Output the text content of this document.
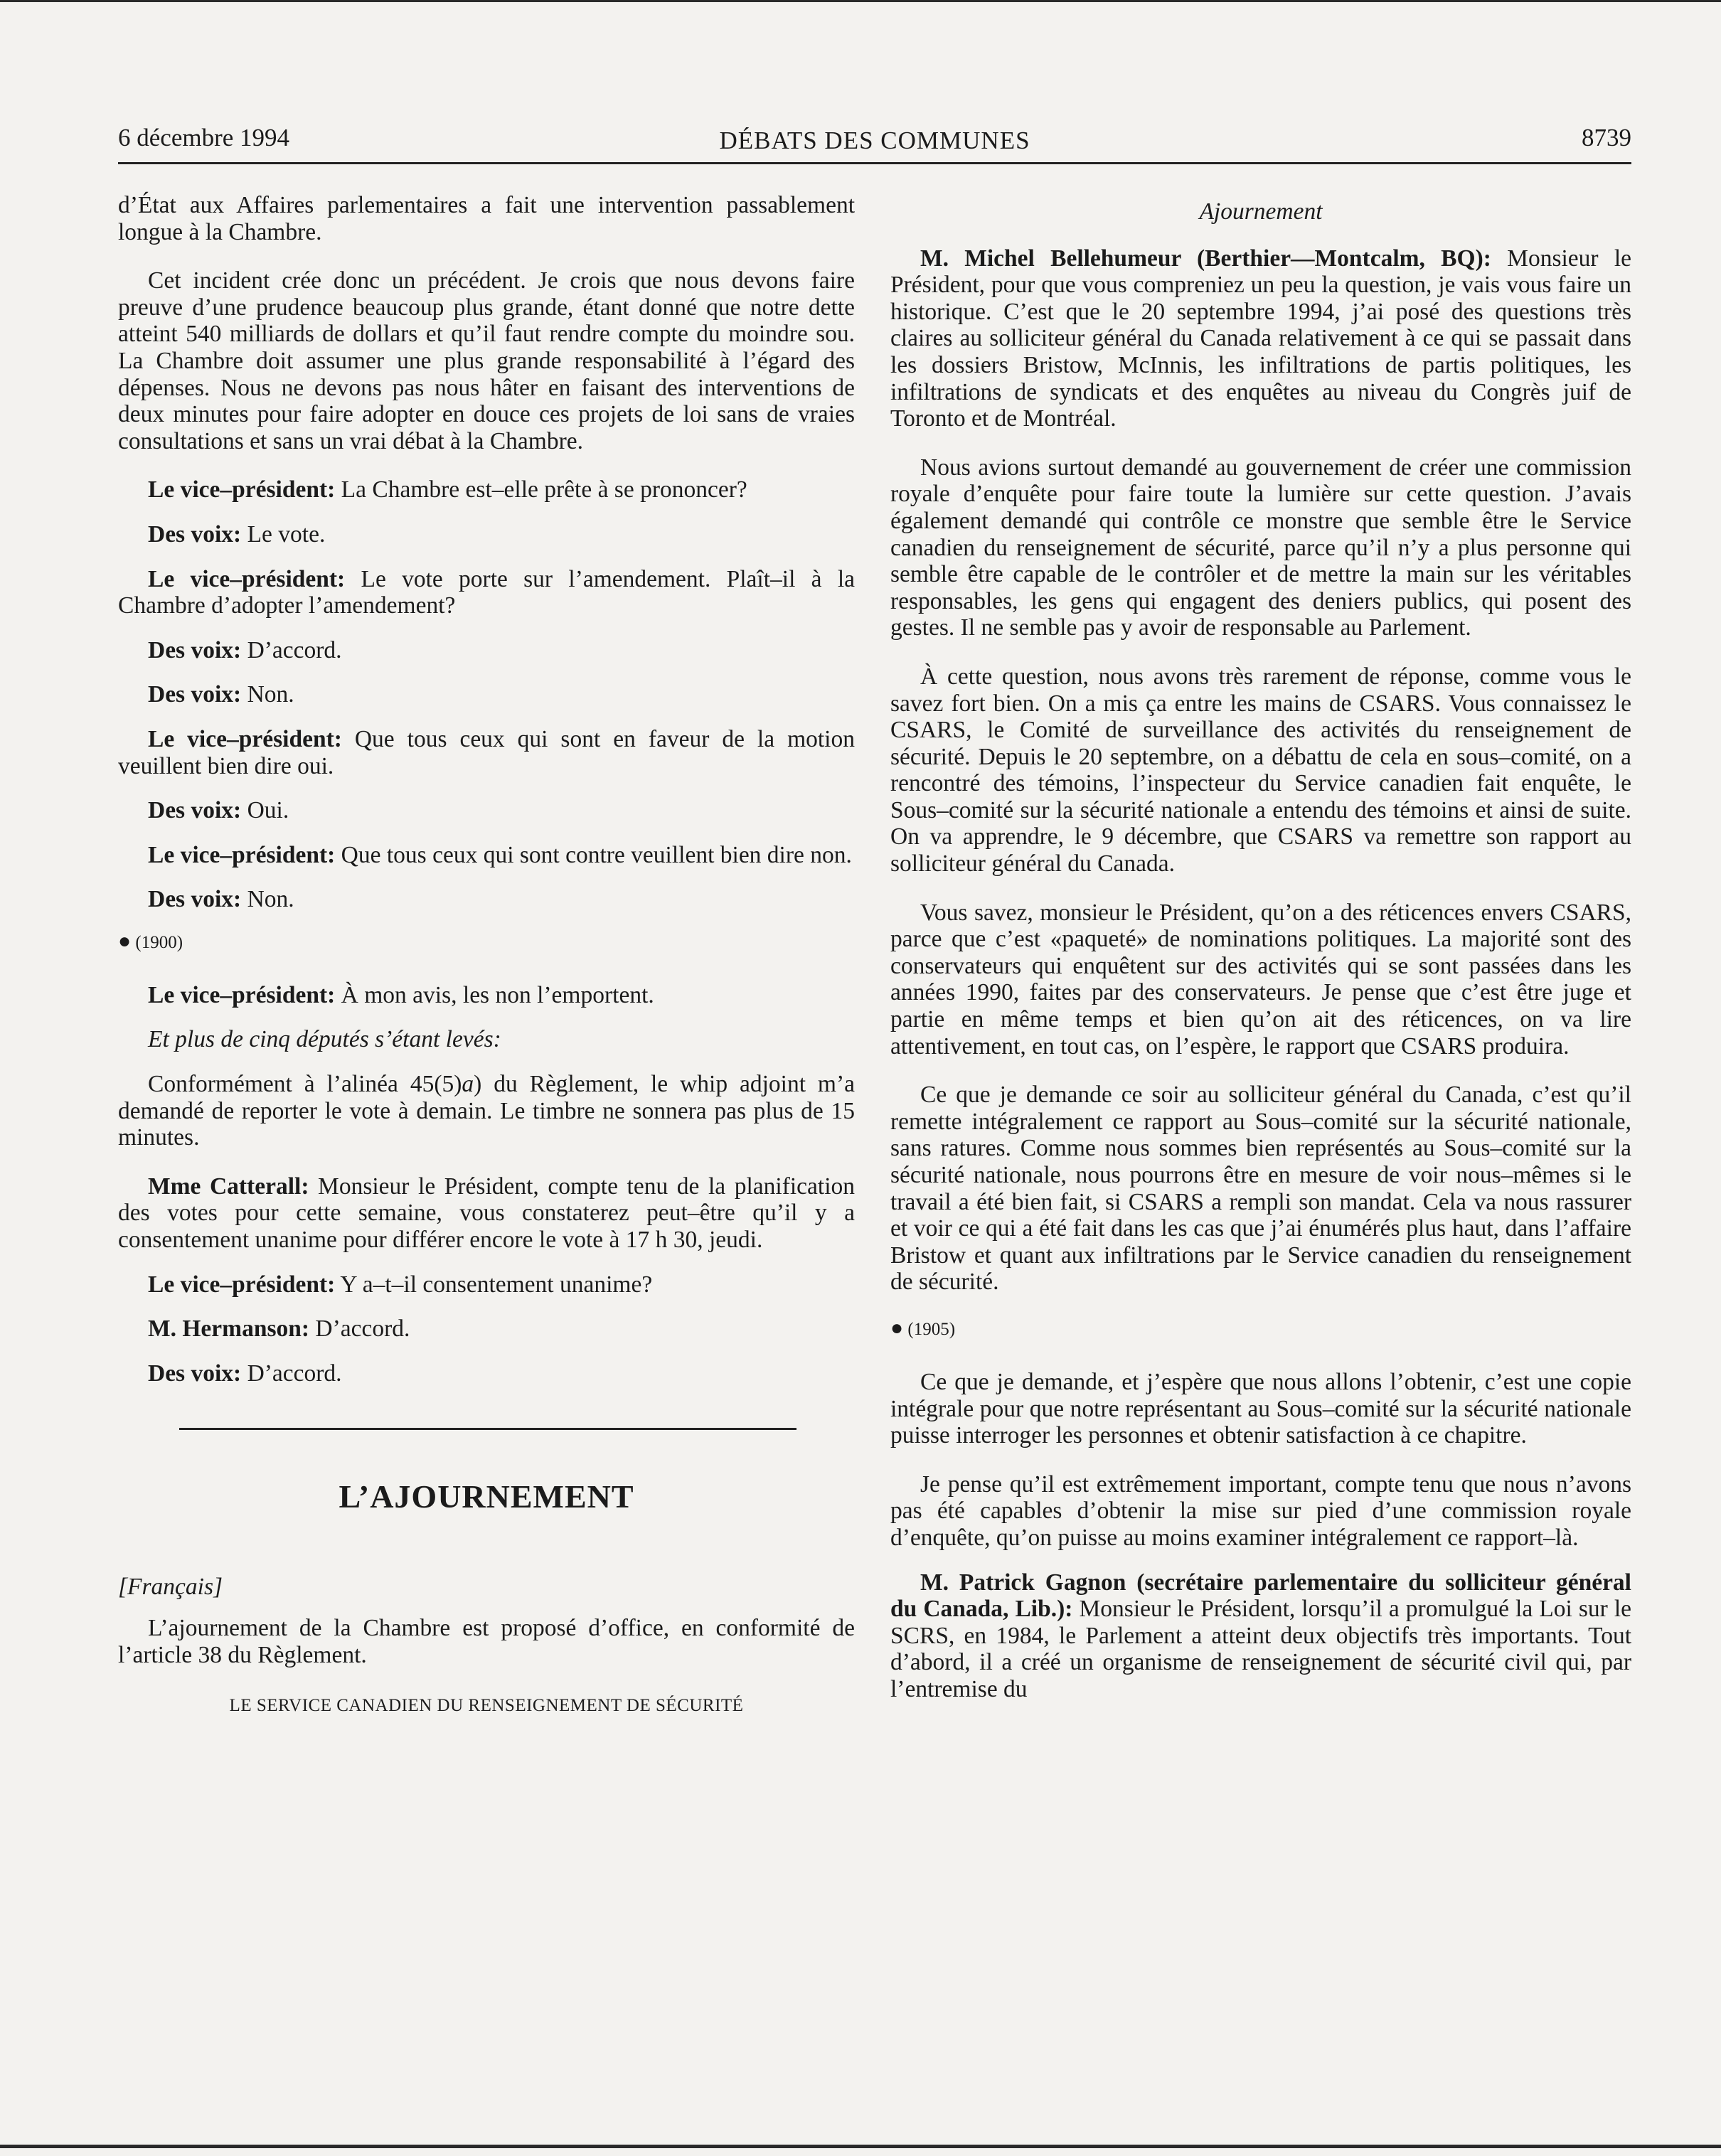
6 décembre 1994	DÉBATS DES COMMUNES	8739

d’État aux Affaires parlementaires a fait une intervention passablement longue à la Chambre.

Cet incident crée donc un précédent. Je crois que nous devons faire preuve d’une prudence beaucoup plus grande, étant donné que notre dette atteint 540 milliards de dollars et qu’il faut rendre compte du moindre sou. La Chambre doit assumer une plus grande responsabilité à l’égard des dépenses. Nous ne devons pas nous hâter en faisant des interventions de deux minutes pour faire adopter en douce ces projets de loi sans de vraies consultations et sans un vrai débat à la Chambre.

Le vice–président: La Chambre est–elle prête à se prononcer?

Des voix: Le vote.

Le vice–président: Le vote porte sur l’amendement. Plaît–il à la Chambre d’adopter l’amendement?

Des voix: D’accord.

Des voix: Non.

Le vice–président: Que tous ceux qui sont en faveur de la motion veuillent bien dire oui.

Des voix: Oui.

Le vice–président: Que tous ceux qui sont contre veuillent bien dire non.

Des voix: Non.

● (1900)

Le vice–président: À mon avis, les non l’emportent.

Et plus de cinq députés s’étant levés:

Conformément à l’alinéa 45(5)a) du Règlement, le whip adjoint m’a demandé de reporter le vote à demain. Le timbre ne sonnera pas plus de 15 minutes.

Mme Catterall: Monsieur le Président, compte tenu de la planification des votes pour cette semaine, vous constaterez peut–être qu’il y a consentement unanime pour différer encore le vote à 17 h 30, jeudi.

Le vice–président: Y a–t–il consentement unanime?

M. Hermanson: D’accord.

Des voix: D’accord.

L’AJOURNEMENT
[Français]

L’ajournement de la Chambre est proposé d’office, en conformité de l’article 38 du Règlement.

LE SERVICE CANADIEN DU RENSEIGNEMENT DE SÉCURITÉ
Ajournement

M. Michel Bellehumeur (Berthier—Montcalm, BQ): Monsieur le Président, pour que vous compreniez un peu la question, je vais vous faire un historique. C’est que le 20 septembre 1994, j’ai posé des questions très claires au solliciteur général du Canada relativement à ce qui se passait dans les dossiers Bristow, McInnis, les infiltrations de partis politiques, les infiltrations de syndicats et des enquêtes au niveau du Congrès juif de Toronto et de Montréal.

Nous avions surtout demandé au gouvernement de créer une commission royale d’enquête pour faire toute la lumière sur cette question. J’avais également demandé qui contrôle ce monstre que semble être le Service canadien du renseignement de sécurité, parce qu’il n’y a plus personne qui semble être capable de le contrôler et de mettre la main sur les véritables responsables, les gens qui engagent des deniers publics, qui posent des gestes. Il ne semble pas y avoir de responsable au Parlement.

À cette question, nous avons très rarement de réponse, comme vous le savez fort bien. On a mis ça entre les mains de CSARS. Vous connaissez le CSARS, le Comité de surveillance des activités du renseignement de sécurité. Depuis le 20 septembre, on a débattu de cela en sous–comité, on a rencontré des témoins, l’inspecteur du Service canadien fait enquête, le Sous–comité sur la sécurité nationale a entendu des témoins et ainsi de suite. On va apprendre, le 9 décembre, que CSARS va remettre son rapport au solliciteur général du Canada.

Vous savez, monsieur le Président, qu’on a des réticences envers CSARS, parce que c’est «paqueté» de nominations politiques. La majorité sont des conservateurs qui enquêtent sur des activités qui se sont passées dans les années 1990, faites par des conservateurs. Je pense que c’est être juge et partie en même temps et bien qu’on ait des réticences, on va lire attentivement, en tout cas, on l’espère, le rapport que CSARS produira.

Ce que je demande ce soir au solliciteur général du Canada, c’est qu’il remette intégralement ce rapport au Sous–comité sur la sécurité nationale, sans ratures. Comme nous sommes bien représentés au Sous–comité sur la sécurité nationale, nous pourrons être en mesure de voir nous–mêmes si le travail a été bien fait, si CSARS a rempli son mandat. Cela va nous rassurer et voir ce qui a été fait dans les cas que j’ai énumérés plus haut, dans l’affaire Bristow et quant aux infiltrations par le Service canadien du renseignement de sécurité.

● (1905)

Ce que je demande, et j’espère que nous allons l’obtenir, c’est une copie intégrale pour que notre représentant au Sous–comité sur la sécurité nationale puisse interroger les personnes et obtenir satisfaction à ce chapitre.

Je pense qu’il est extrêmement important, compte tenu que nous n’avons pas été capables d’obtenir la mise sur pied d’une commission royale d’enquête, qu’on puisse au moins examiner intégralement ce rapport–là.

M. Patrick Gagnon (secrétaire parlementaire du solliciteur général du Canada, Lib.): Monsieur le Président, lorsqu’il a promulgué la Loi sur le SCRS, en 1984, le Parlement a atteint deux objectifs très importants. Tout d’abord, il a créé un organisme de renseignement de sécurité civil qui, par l’entremise du
